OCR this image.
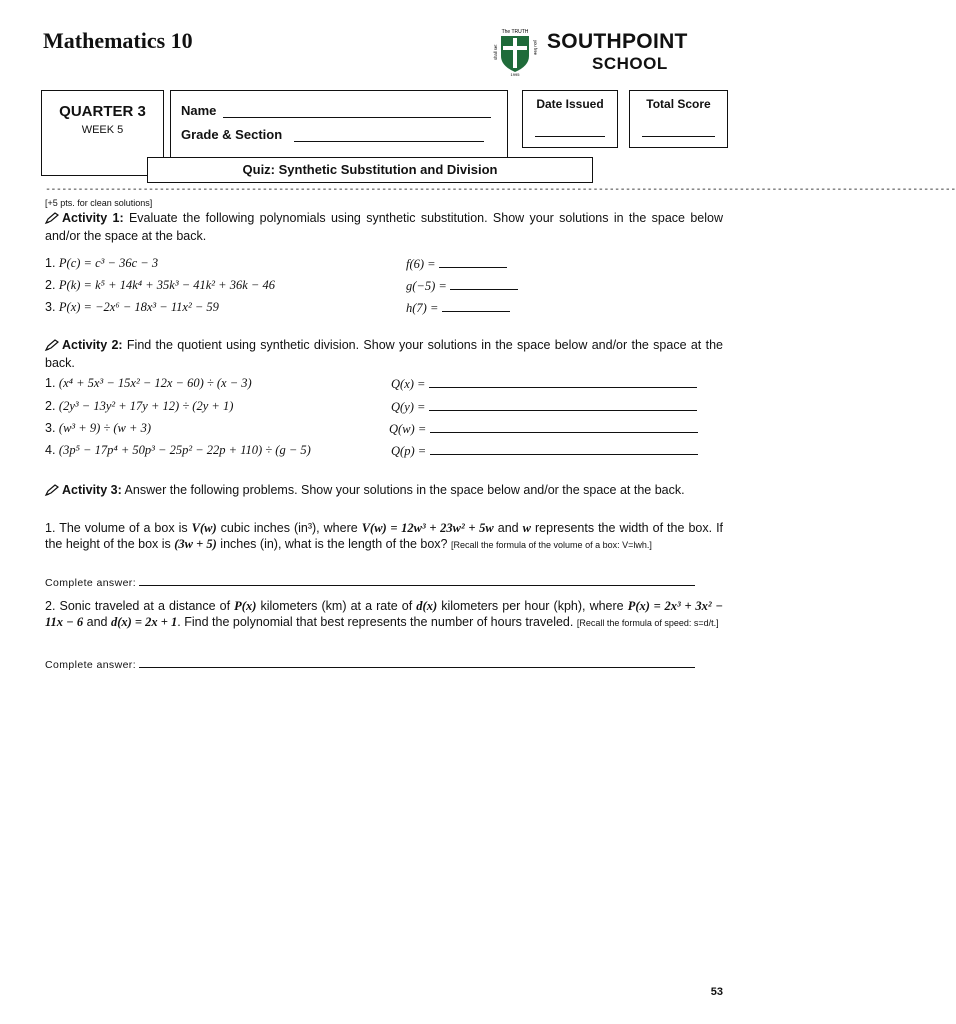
Mathematics 10	The TRUTH
1995
shall set	you free SOUTHPOINT
SCHOOL
QUARTER 3
WEEK 5
Name
Grade & Section
Date Issued	Total Score
Quiz: Synthetic Substitution and Division
------------------------------------------------------------------------------------------------------------------------------------------------------------------------
[+5 pts. for clean solutions]
Activity 1: Evaluate the following polynomials using synthetic substitution. Show your solutions in the space below and/or the space at the back.
1. P(c) = c³ − 36c − 3	f(6) =
2. P(k) = k⁵ + 14k⁴ + 35k³ − 41k² + 36k − 46	g(−5) =
3. P(x) = −2x⁶ − 18x³ − 11x² − 59	h(7) =
Activity 2: Find the quotient using synthetic division. Show your solutions in the space below and/or the space at the back.
1. (x⁴ + 5x³ − 15x² − 12x − 60) ÷ (x − 3)	Q(x) =
2. (2y³ − 13y² + 17y + 12) ÷ (2y + 1)	Q(y) =
3. (w³ + 9) ÷ (w + 3)	Q(w) =
4. (3p⁵ − 17p⁴ + 50p³ − 25p² − 22p + 110) ÷ (g − 5)	Q(p) =
Activity 3: Answer the following problems. Show your solutions in the space below and/or the space at the back.
1. The volume of a box is V(w) cubic inches (in³), where V(w) = 12w³ + 23w² + 5w and w represents the width of the box. If the height of the box is (3w + 5) inches (in), what is the length of the box? [Recall the formula of the volume of a box: V=lwh.]
Complete answer:
2. Sonic traveled at a distance of P(x) kilometers (km) at a rate of d(x) kilometers per hour (kph), where P(x) = 2x³ + 3x² − 11x − 6 and d(x) = 2x + 1. Find the polynomial that best represents the number of hours traveled. [Recall the formula of speed: s=d/t.]
Complete answer:
53
